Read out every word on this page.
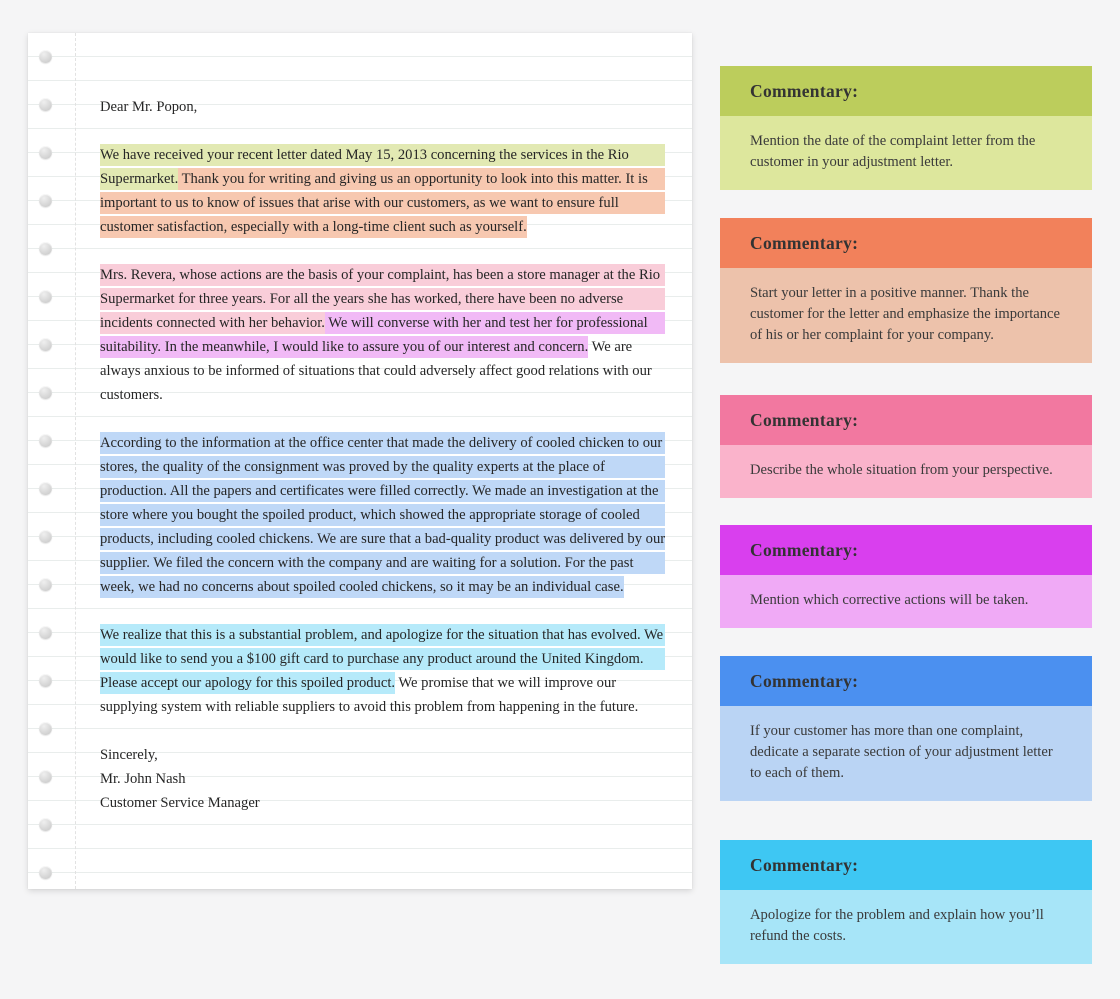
Dear Mr. Popon,
We have received your recent letter dated May 15, 2013 concerning the services in the Rio
Supermarket. Thank you for writing and giving us an opportunity to look into this matter. It is
important to us to know of issues that arise with our customers, as we want to ensure full
customer satisfaction, especially with a long-time client such as yourself.
Mrs. Revera, whose actions are the basis of your complaint, has been a store manager at the Rio
Supermarket for three years. For all the years she has worked, there have been no adverse
incidents connected with her behavior. We will converse with her and test her for professional
suitability. In the meanwhile, I would like to assure you of our interest and concern. We are
always anxious to be informed of situations that could adversely affect good relations with our
customers.
According to the information at the office center that made the delivery of cooled chicken to our
stores, the quality of the consignment was proved by the quality experts at the place of
production. All the papers and certificates were filled correctly. We made an investigation at the
store where you bought the spoiled product, which showed the appropriate storage of cooled
products, including cooled chickens. We are sure that a bad-quality product was delivered by our
supplier. We filed the concern with the company and are waiting for a solution. For the past
week, we had no concerns about spoiled cooled chickens, so it may be an individual case.
We realize that this is a substantial problem, and apologize for the situation that has evolved. We
would like to send you a $100 gift card to purchase any product around the United Kingdom.
Please accept our apology for this spoiled product. We promise that we will improve our
supplying system with reliable suppliers to avoid this problem from happening in the future.
Sincerely,
Mr. John Nash
Customer Service Manager
Commentary:
Mention the date of the complaint letter from the customer in your adjustment letter.
Commentary:
Start your letter in a positive manner. Thank the customer for the letter and emphasize the importance of his or her complaint for your company.
Commentary:
Describe the whole situation from your perspective.
Commentary:
Mention which corrective actions will be taken.
Commentary:
If your customer has more than one complaint, dedicate a separate section of your adjustment letter to each of them.
Commentary:
Apologize for the problem and explain how you’ll refund the costs.
